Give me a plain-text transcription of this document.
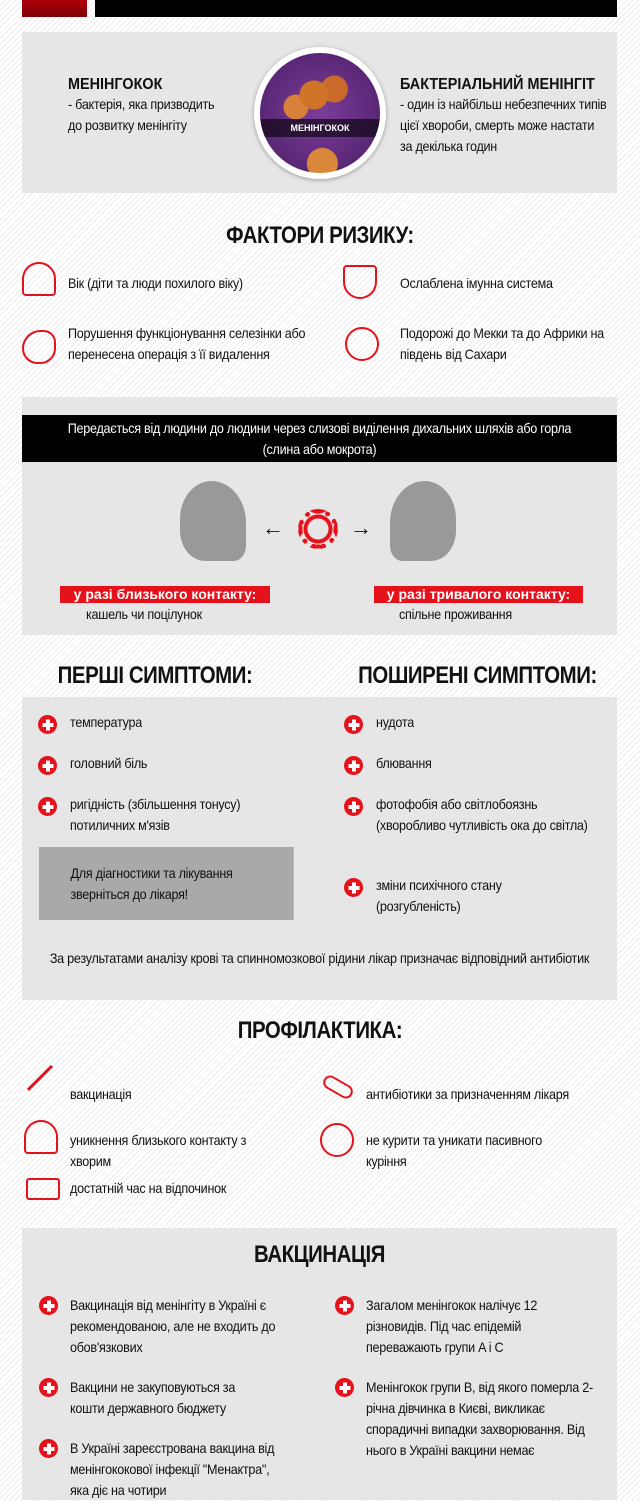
МЕНІНГОКОК
- бактерія, яка призводить до розвитку менінгіту	МЕНІНГОКОК
БАКТЕРІАЛЬНИЙ МЕНІНГІТ
- один із найбільш небезпечних типів цієї хвороби, смерть може настати за декілька годин
ФАКТОРИ РИЗИКУ:
Вік (діти та люди похилого віку)	Ослаблена імунна система
Порушення функціонування селезінки або перенесена операція з її видалення
Подорожі до Мекки та до Африки на південь від Сахари
Передається від людини до людини через слизові виділення дихальних шляхів або горла (слина або мокрота)
←	→
у разі близького контакту:
кашель чи поцілунок
у разі тривалого контакту:
спільне проживання
ПЕРШІ СИМПТОМИ:	ПОШИРЕНІ СИМПТОМИ:
температура
головний біль
ригідність (збільшення тонусу) потиличних м'язів
Для діагностики та лікування зверніться до лікаря!
нудота
блювання
фотофобія або світлобоязнь (хворобливо чутливість ока до світла)
зміни психічного стану (розгубленість)
За результатами аналізу крові та спинномозкової рідини лікар призначає відповідний антибіотик
ПРОФІЛАКТИКА:
вакцинація	антибіотики за призначенням лікаря
уникнення близького контакту з хворим
не курити та уникати пасивного куріння
достатній час на відпочинок
ВАКЦИНАЦІЯ
Вакцинація від менінгіту в Україні є рекомендованою, але не входить до обов'язкових
Вакцини не закуповуються за кошти державного бюджету
В Україні зареєстрована вакцина від менінгококової інфекції "Менактра", яка діє на чотири
Загалом менінгокок налічує 12 різновидів. Під час епідемій переважають групи A і C
Менінгокок групи B, від якого померла 2-річна дівчинка в Києві, викликає спорадичні випадки захворювання. Від нього в Україні вакцини немає
